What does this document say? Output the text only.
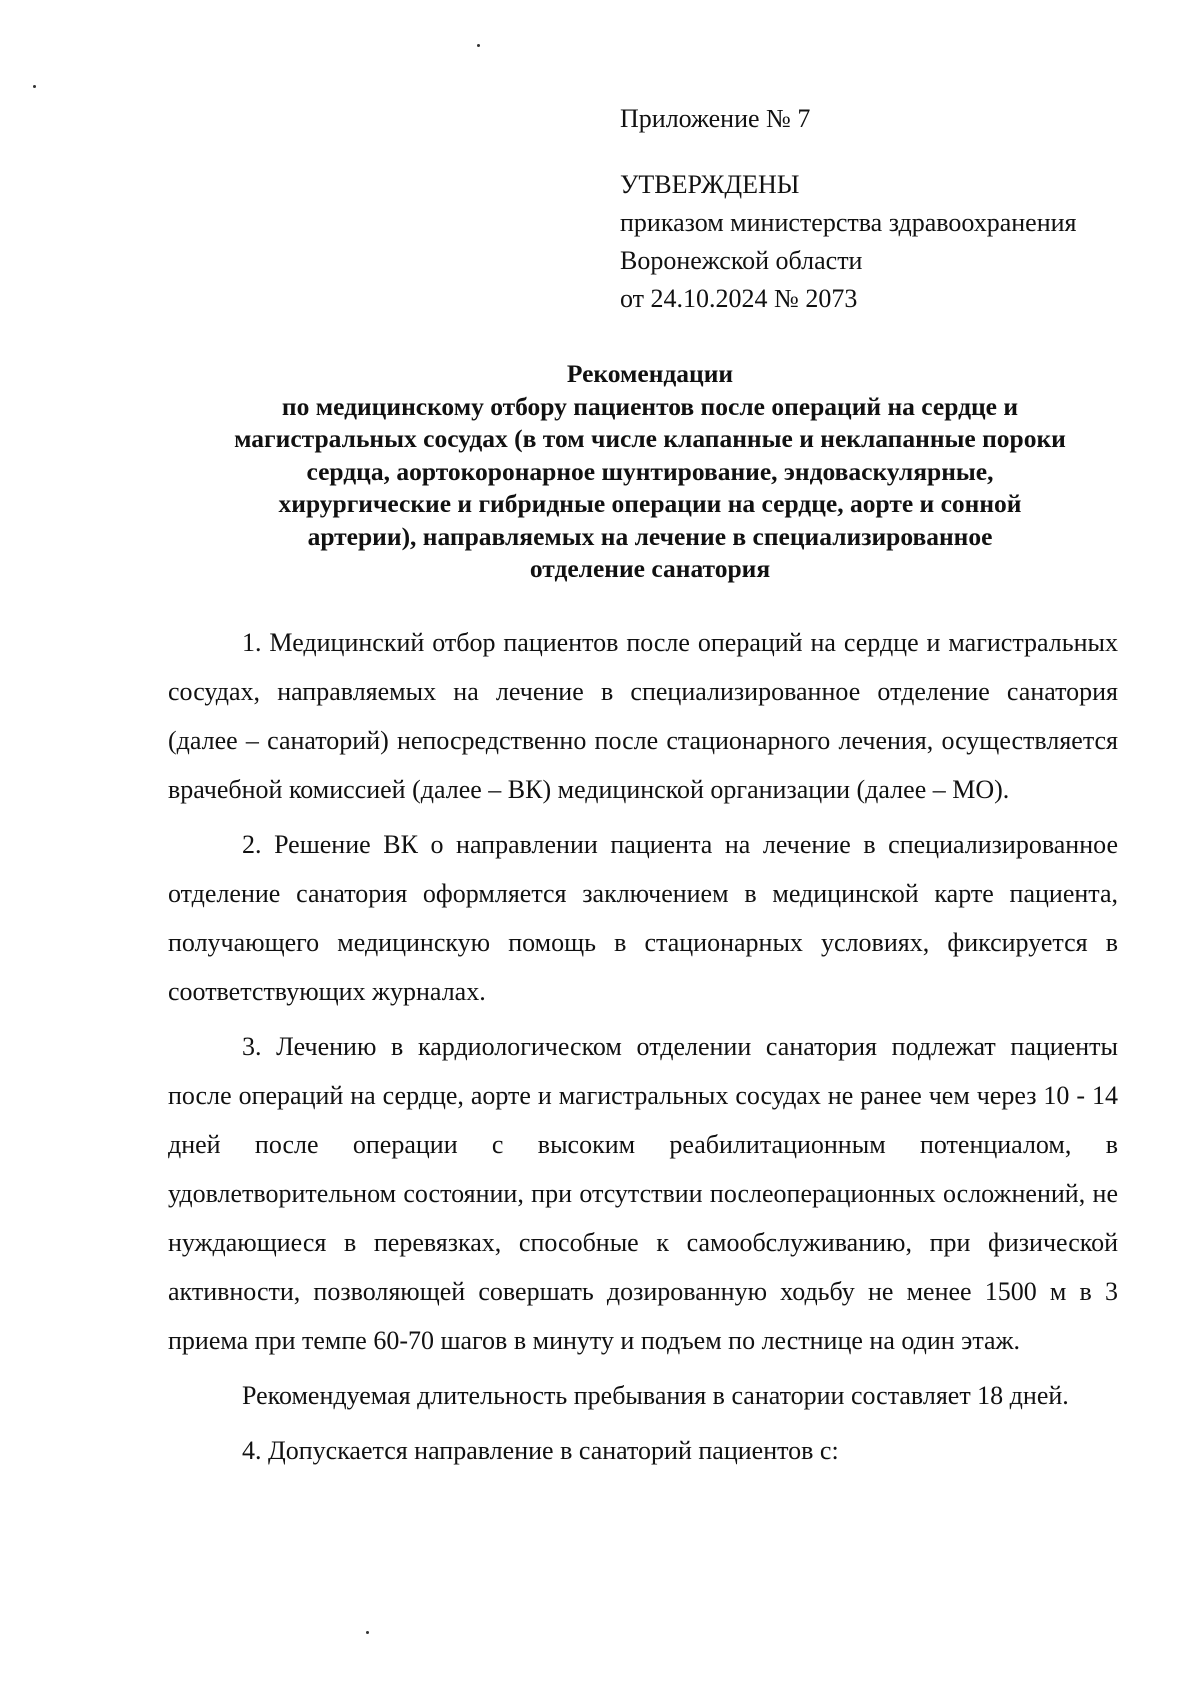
Приложение № 7
УТВЕРЖДЕНЫ
приказом министерства здравоохранения
Воронежской области
от 24.10.2024 № 2073
Рекомендации
по медицинскому отбору пациентов после операций на сердце и
магистральных сосудах (в том числе клапанные и неклапанные пороки
сердца, аортокоронарное шунтирование, эндоваскулярные,
хирургические и гибридные операции на сердце, аорте и сонной
артерии), направляемых на лечение в специализированное
отделение санатория

1. Медицинский отбор пациентов после операций на сердце и магистральных сосудах, направляемых на лечение в специализированное отделение санатория (далее – санаторий) непосредственно после стационарного лечения, осуществляется врачебной комиссией (далее – ВК) медицинской организации (далее – МО).

2. Решение ВК о направлении пациента на лечение в специализированное отделение санатория оформляется заключением в медицинской карте пациента, получающего медицинскую помощь в стационарных условиях, фиксируется в соответствующих журналах.

3. Лечению в кардиологическом отделении санатория подлежат пациенты после операций на сердце, аорте и магистральных сосудах не ранее чем через 10 - 14 дней после операции с высоким реабилитационным потенциалом, в удовлетворительном состоянии, при отсутствии послеоперационных осложнений, не нуждающиеся в перевязках, способные к самообслуживанию, при физической активности, позволяющей совершать дозированную ходьбу не менее 1500 м в 3 приема при темпе 60-70 шагов в минуту и подъем по лестнице на один этаж.

Рекомендуемая длительность пребывания в санатории составляет 18 дней.

4. Допускается направление в санаторий пациентов с:
